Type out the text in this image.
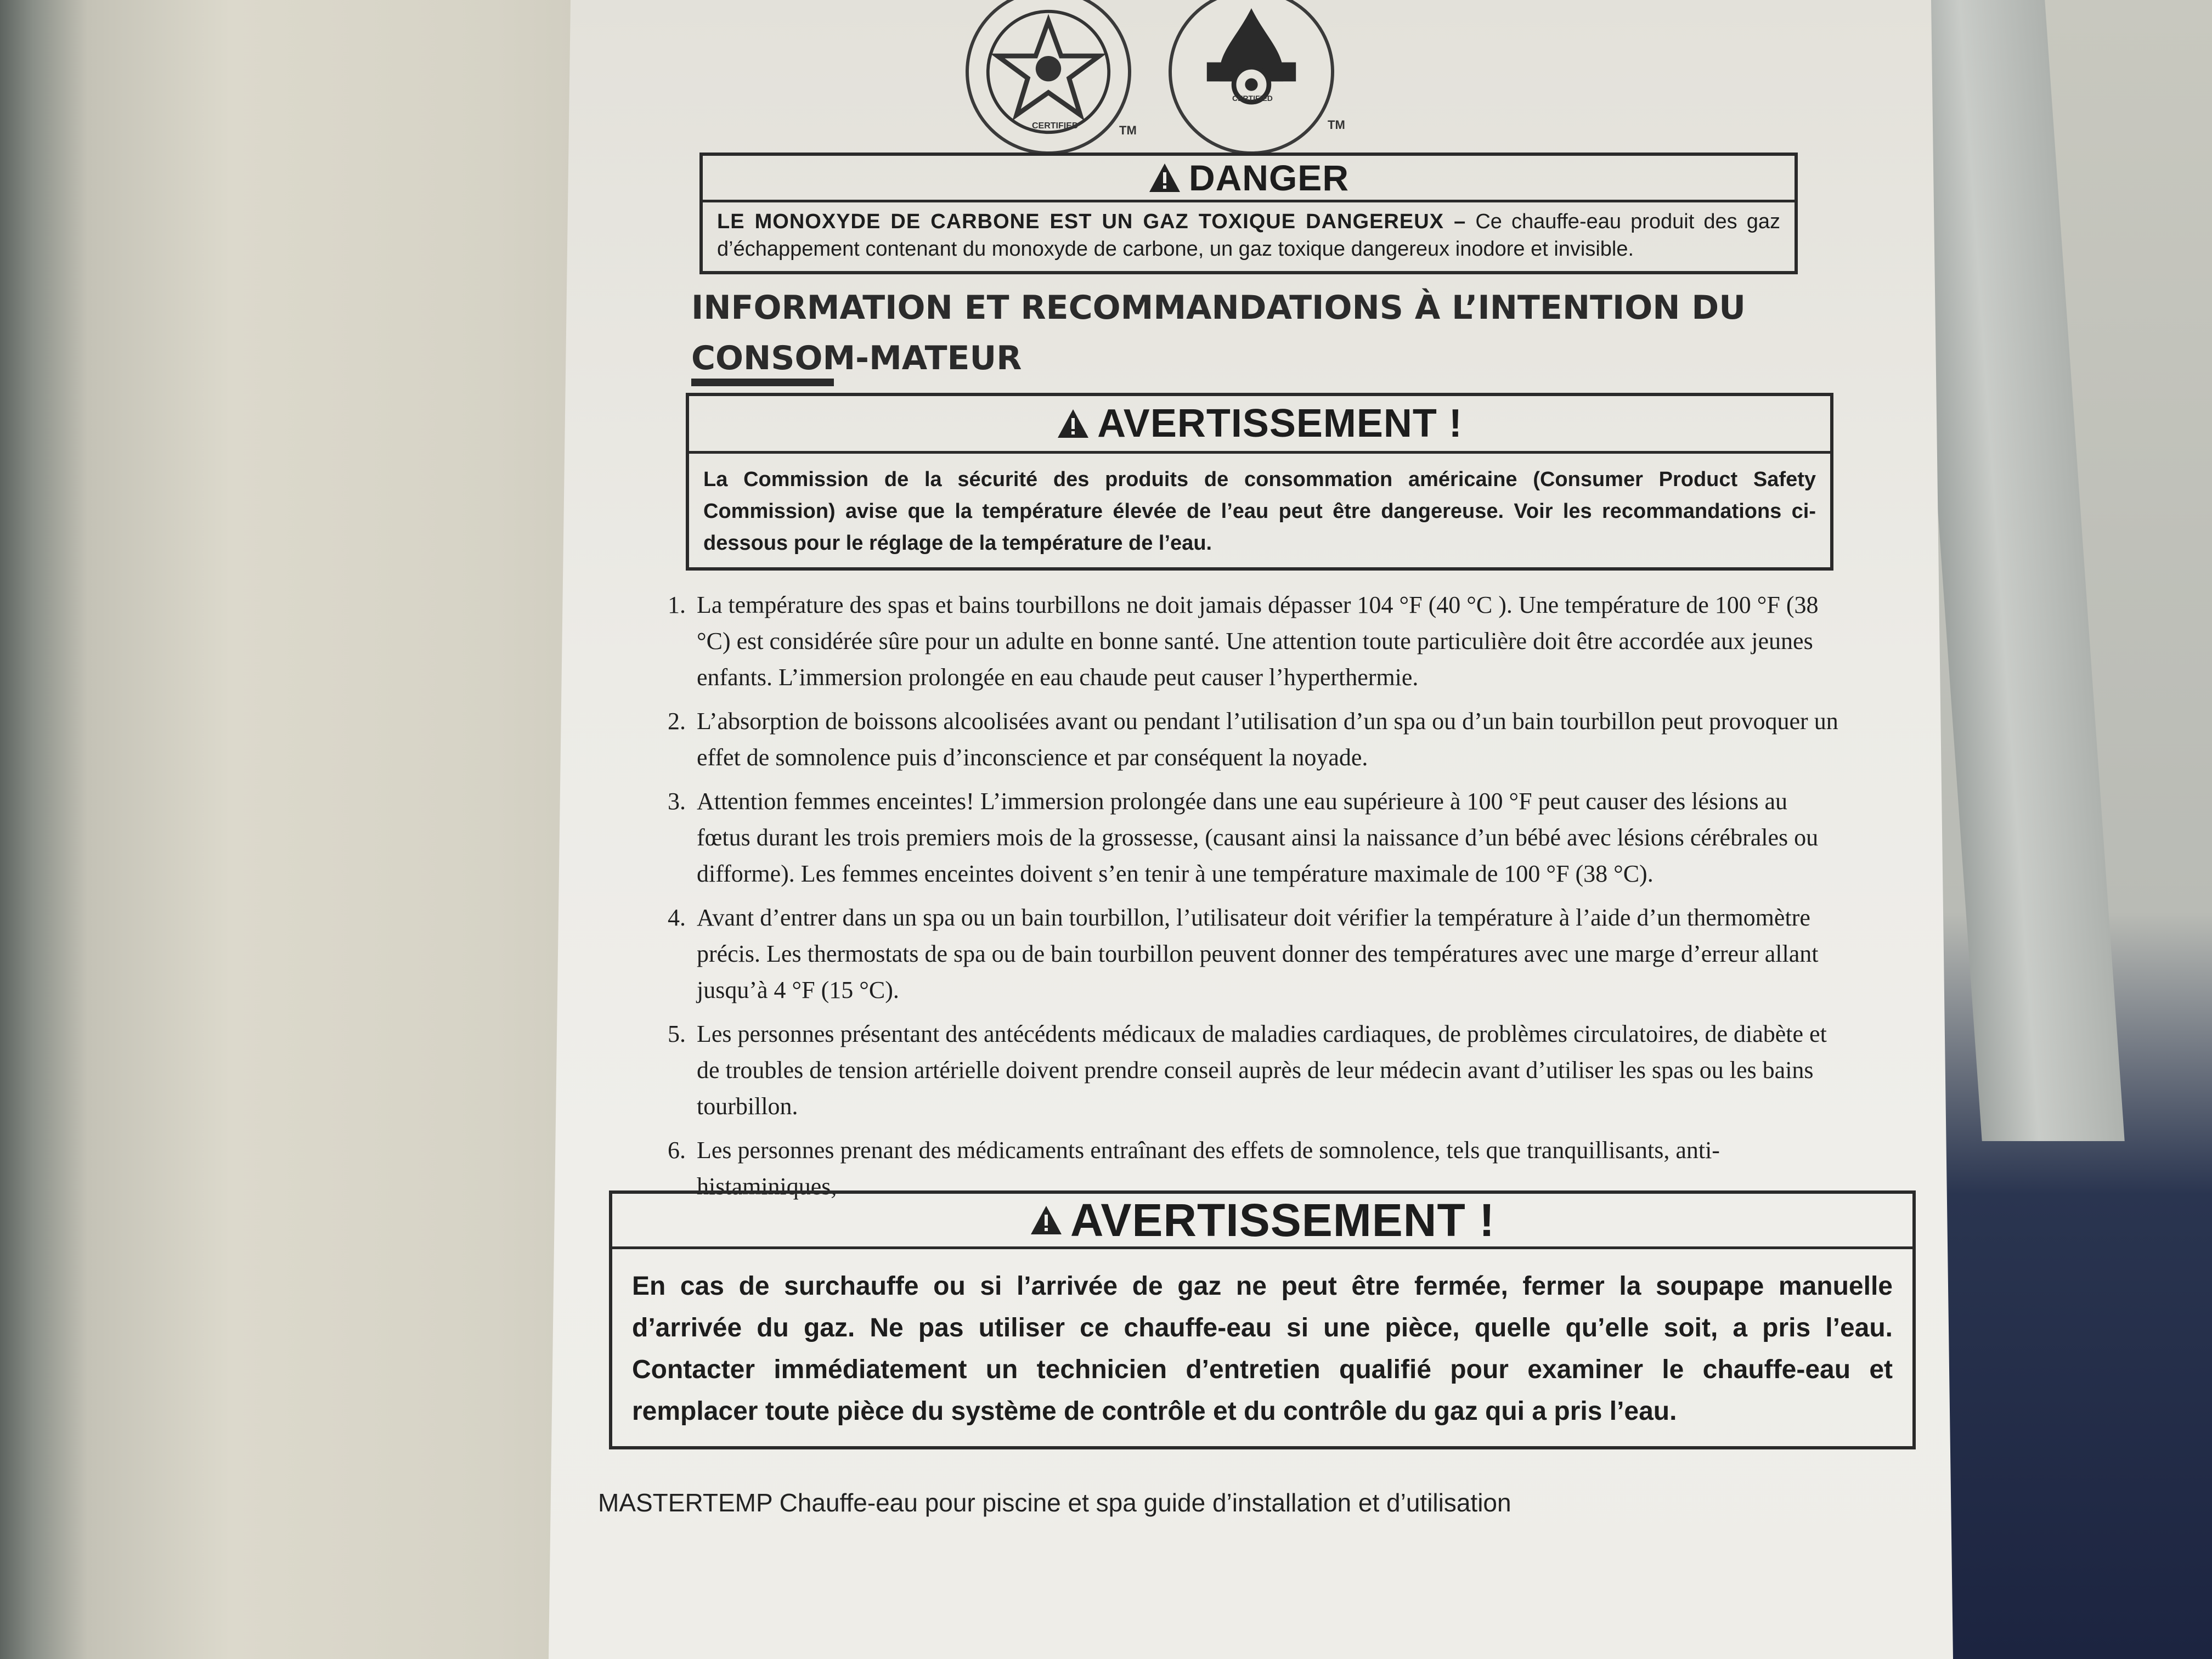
CERTIFIED	TM
CERTIFIED
TM
DANGER
LE MONOXYDE DE CARBONE EST UN GAZ TOXIQUE DANGEREUX – Ce chauffe-eau produit des gaz d’échappement contenant du monoxyde de carbone, un gaz toxique dangereux inodore et invisible.
INFORMATION ET RECOMMANDATIONS À L’INTENTION DU CONSOM-MATEUR
AVERTISSEMENT !
La Commission de la sécurité des produits de consommation américaine (Consumer Product Safety Commission) avise que la température élevée de l’eau peut être dangereuse. Voir les recommandations ci-dessous pour le réglage de la température de l’eau.
1. La température des spas et bains tourbillons ne doit jamais dépasser 104 °F (40 °C ). Une température de 100 °F (38 °C) est considérée sûre pour un adulte en bonne santé. Une attention toute particulière doit être accordée aux jeunes enfants. L’immersion prolongée en eau chaude peut causer l’hyperthermie.
2. L’absorption de boissons alcoolisées avant ou pendant l’utilisation d’un spa ou d’un bain tourbillon peut provoquer un effet de somnolence puis d’inconscience et par conséquent la noyade.
3. Attention femmes enceintes! L’immersion prolongée dans une eau supérieure à 100 °F peut causer des lésions au fœtus durant les trois premiers mois de la grossesse, (causant ainsi la naissance d’un bébé avec lésions cérébrales ou difforme). Les femmes enceintes doivent s’en tenir à une température maximale de 100 °F (38 °C).
4. Avant d’entrer dans un spa ou un bain tourbillon, l’utilisateur doit vérifier la température à l’aide d’un thermomètre précis. Les thermostats de spa ou de bain tourbillon peuvent donner des températures avec une marge d’erreur allant jusqu’à 4 °F (15 °C).
5. Les personnes présentant des antécédents médicaux de maladies cardiaques, de problèmes circulatoires, de diabète et de troubles de tension artérielle doivent prendre conseil auprès de leur médecin avant d’utiliser les spas ou les bains tourbillon.
6. Les personnes prenant des médicaments entraînant des effets de somnolence, tels que tranquillisants, anti-histaminiques,
AVERTISSEMENT !
En cas de surchauffe ou si l’arrivée de gaz ne peut être fermée, fermer la soupape manuelle d’arrivée du gaz. Ne pas utiliser ce chauffe-eau si une pièce, quelle qu’elle soit, a pris l’eau. Contacter immédiatement un technicien d’entretien qualifié pour examiner le chauffe-eau et remplacer toute pièce du système de contrôle et du contrôle du gaz qui a pris l’eau.
MASTERTEMP Chauffe-eau pour piscine et spa guide d’installation et d’utilisation
